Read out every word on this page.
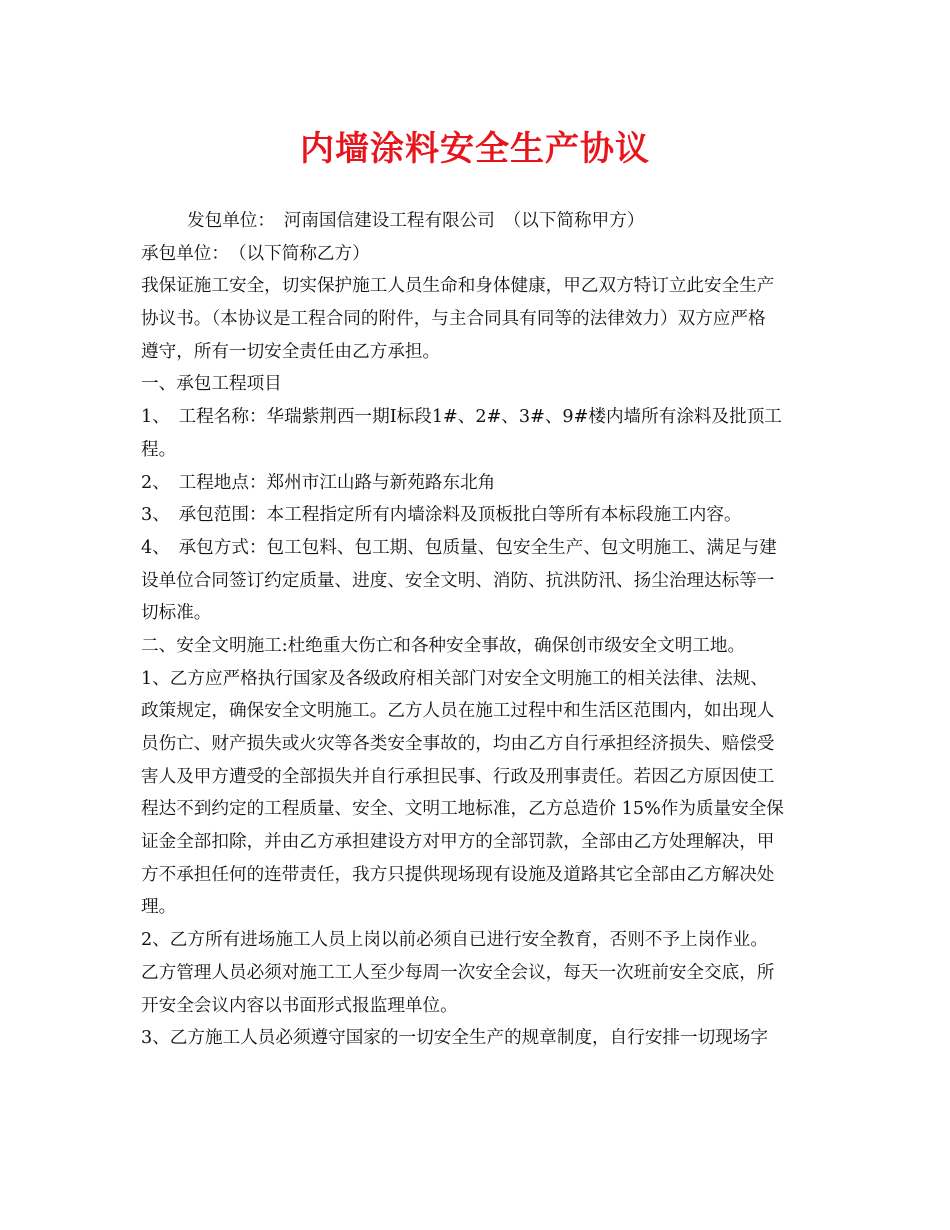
内墙涂料安全生产协议
发包单位：　河南国信建设工程有限公司　（以下简称甲方）
承包单位：　（以下简称乙方）
我保证施工安全，切实保护施工人员生命和身体健康，甲乙双方特订立此安全生产
协议书。（本协议是工程合同的附件，与主合同具有同等的法律效力）双方应严格
遵守，所有一切安全责任由乙方承担。
一、承包工程项目
1、　工程名称：华瑞紫荆西一期Ⅰ标段1#、2#、3#、9#楼内墙所有涂料及批顶工
程。
2、　工程地点：郑州市江山路与新苑路东北角
3、　承包范围：本工程指定所有内墙涂料及顶板批白等所有本标段施工内容。
4、　承包方式：包工包料、包工期、包质量、包安全生产、包文明施工、满足与建
设单位合同签订约定质量、进度、安全文明、消防、抗洪防汛、扬尘治理达标等一
切标准。
二、安全文明施工:杜绝重大伤亡和各种安全事故，确保创市级安全文明工地。
1、乙方应严格执行国家及各级政府相关部门对安全文明施工的相关法律、法规、
政策规定，确保安全文明施工。乙方人员在施工过程中和生活区范围内，如出现人
员伤亡、财产损失或火灾等各类安全事故的，均由乙方自行承担经济损失、赔偿受
害人及甲方遭受的全部损失并自行承担民事、行政及刑事责任。若因乙方原因使工
程达不到约定的工程质量、安全、文明工地标准，乙方总造价 15%作为质量安全保
证金全部扣除，并由乙方承担建设方对甲方的全部罚款，全部由乙方处理解决，甲
方不承担任何的连带责任，我方只提供现场现有设施及道路其它全部由乙方解决处
理。
2、乙方所有进场施工人员上岗以前必须自已进行安全教育，否则不予上岗作业。
乙方管理人员必须对施工工人至少每周一次安全会议，每天一次班前安全交底，所
开安全会议内容以书面形式报监理单位。
3、乙方施工人员必须遵守国家的一切安全生产的规章制度，自行安排一切现场字
